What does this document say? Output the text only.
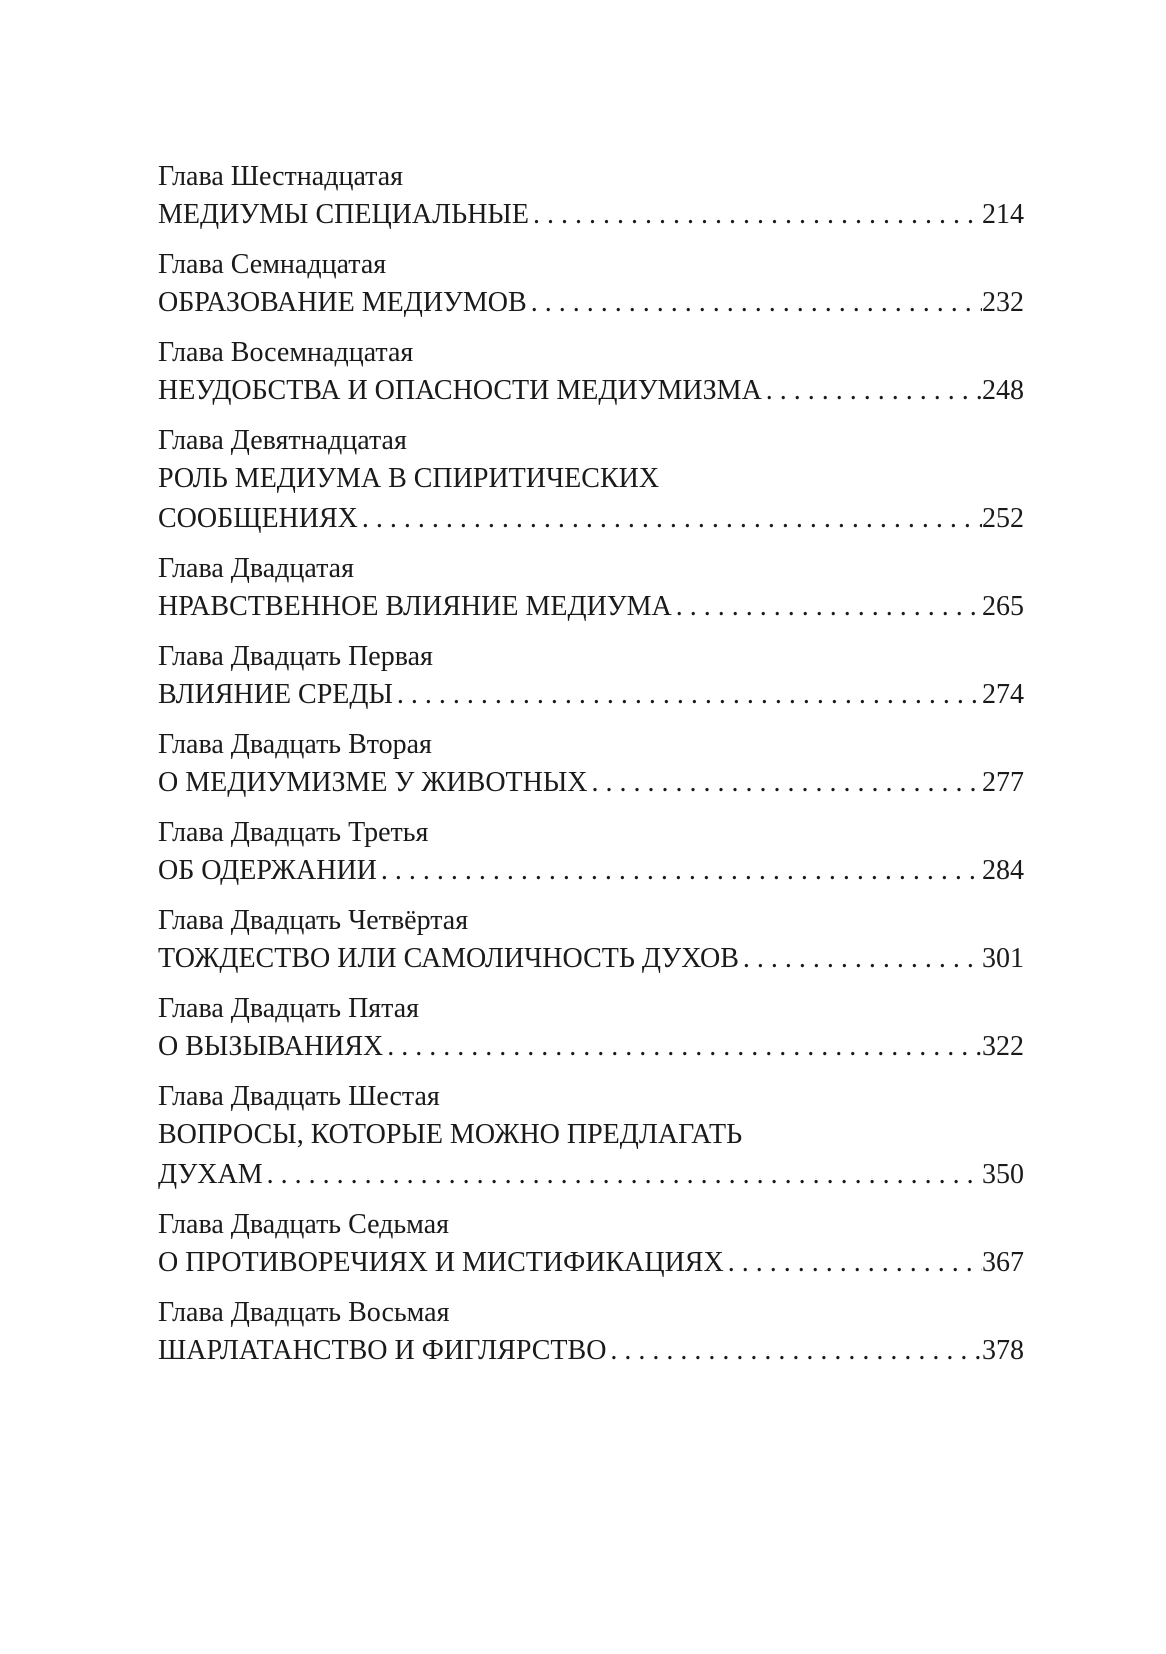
Глава Шестнадцатая
МЕДИУМЫ СПЕЦИАЛЬНЫЕ . . .	214
Глава Семнадцатая
ОБРАЗОВАНИЕ МЕДИУМОВ . . .	232
Глава Восемнадцатая
НЕУДОБСТВА И ОПАСНОСТИ МЕДИУМИЗМА . . .	248
Глава Девятнадцатая
РОЛЬ МЕДИУМА В СПИРИТИЧЕСКИХ
СООБЩЕНИЯХ . . .	252
Глава Двадцатая
НРАВСТВЕННОЕ ВЛИЯНИЕ МЕДИУМА . . .	265
Глава Двадцать Первая
ВЛИЯНИЕ СРЕДЫ . . .	274
Глава Двадцать Вторая
О МЕДИУМИЗМЕ У ЖИВОТНЫХ . . .	277
Глава Двадцать Третья
ОБ ОДЕРЖАНИИ . . .	284
Глава Двадцать Четвёртая
ТОЖДЕСТВО ИЛИ САМОЛИЧНОСТЬ ДУХОВ . . .	301
Глава Двадцать Пятая
О ВЫЗЫВАНИЯХ . . .	322
Глава Двадцать Шестая
ВОПРОСЫ, КОТОРЫЕ МОЖНО ПРЕДЛАГАТЬ
ДУХАМ . . .	350
Глава Двадцать Седьмая
О ПРОТИВОРЕЧИЯХ И МИСТИФИКАЦИЯХ . . .	367
Глава Двадцать Восьмая
ШАРЛАТАНСТВО И ФИГЛЯРСТВО . . .	378
